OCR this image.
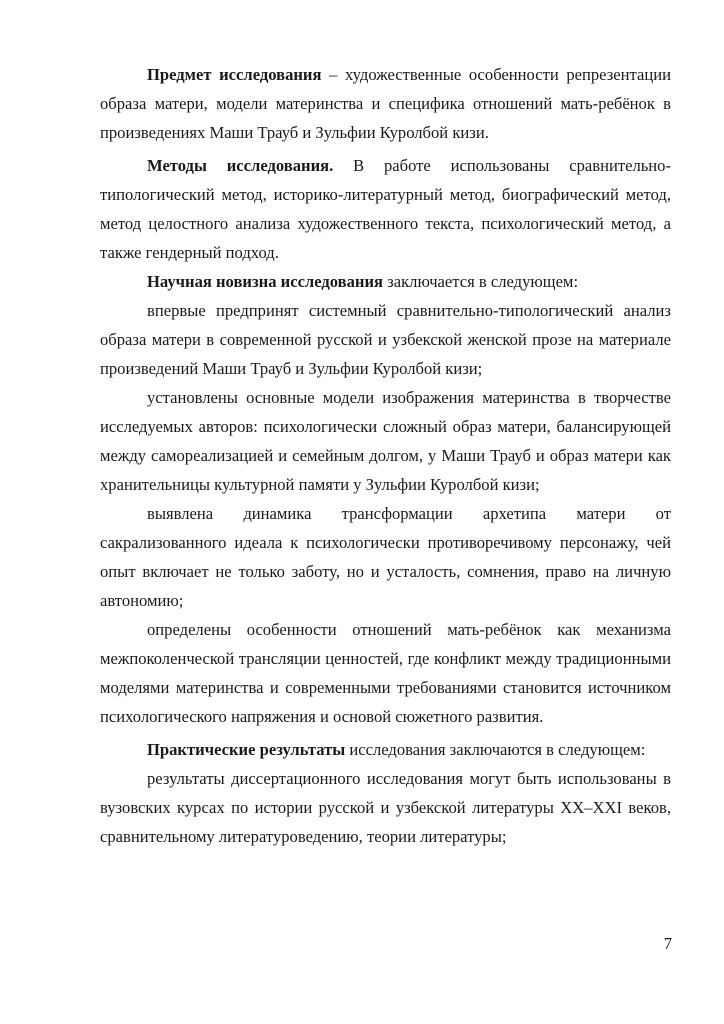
Предмет исследования – художественные особенности репрезентации образа матери, модели материнства и специфика отношений мать-ребёнок в произведениях Маши Трауб и Зульфии Куролбой кизи.

Методы исследования. В работе использованы сравнительно-типологический метод, историко-литературный метод, биографический метод, метод целостного анализа художественного текста, психологический метод, а также гендерный подход.

Научная новизна исследования заключается в следующем:

впервые предпринят системный сравнительно-типологический анализ образа матери в современной русской и узбекской женской прозе на материале произведений Маши Трауб и Зульфии Куролбой кизи;

установлены основные модели изображения материнства в творчестве исследуемых авторов: психологически сложный образ матери, балансирующей между самореализацией и семейным долгом, у Маши Трауб и образ матери как хранительницы культурной памяти у Зульфии Куролбой кизи;

выявлена динамика трансформации архетипа матери от сакрализованного идеала к психологически противоречивому персонажу, чей опыт включает не только заботу, но и усталость, сомнения, право на личную автономию;

определены особенности отношений мать-ребёнок как механизма межпоколенческой трансляции ценностей, где конфликт между традиционными моделями материнства и современными требованиями становится источником психологического напряжения и основой сюжетного развития.

Практические результаты исследования заключаются в следующем:

результаты диссертационного исследования могут быть использованы в вузовских курсах по истории русской и узбекской литературы XX–XXI веков, сравнительному литературоведению, теории литературы;

7
